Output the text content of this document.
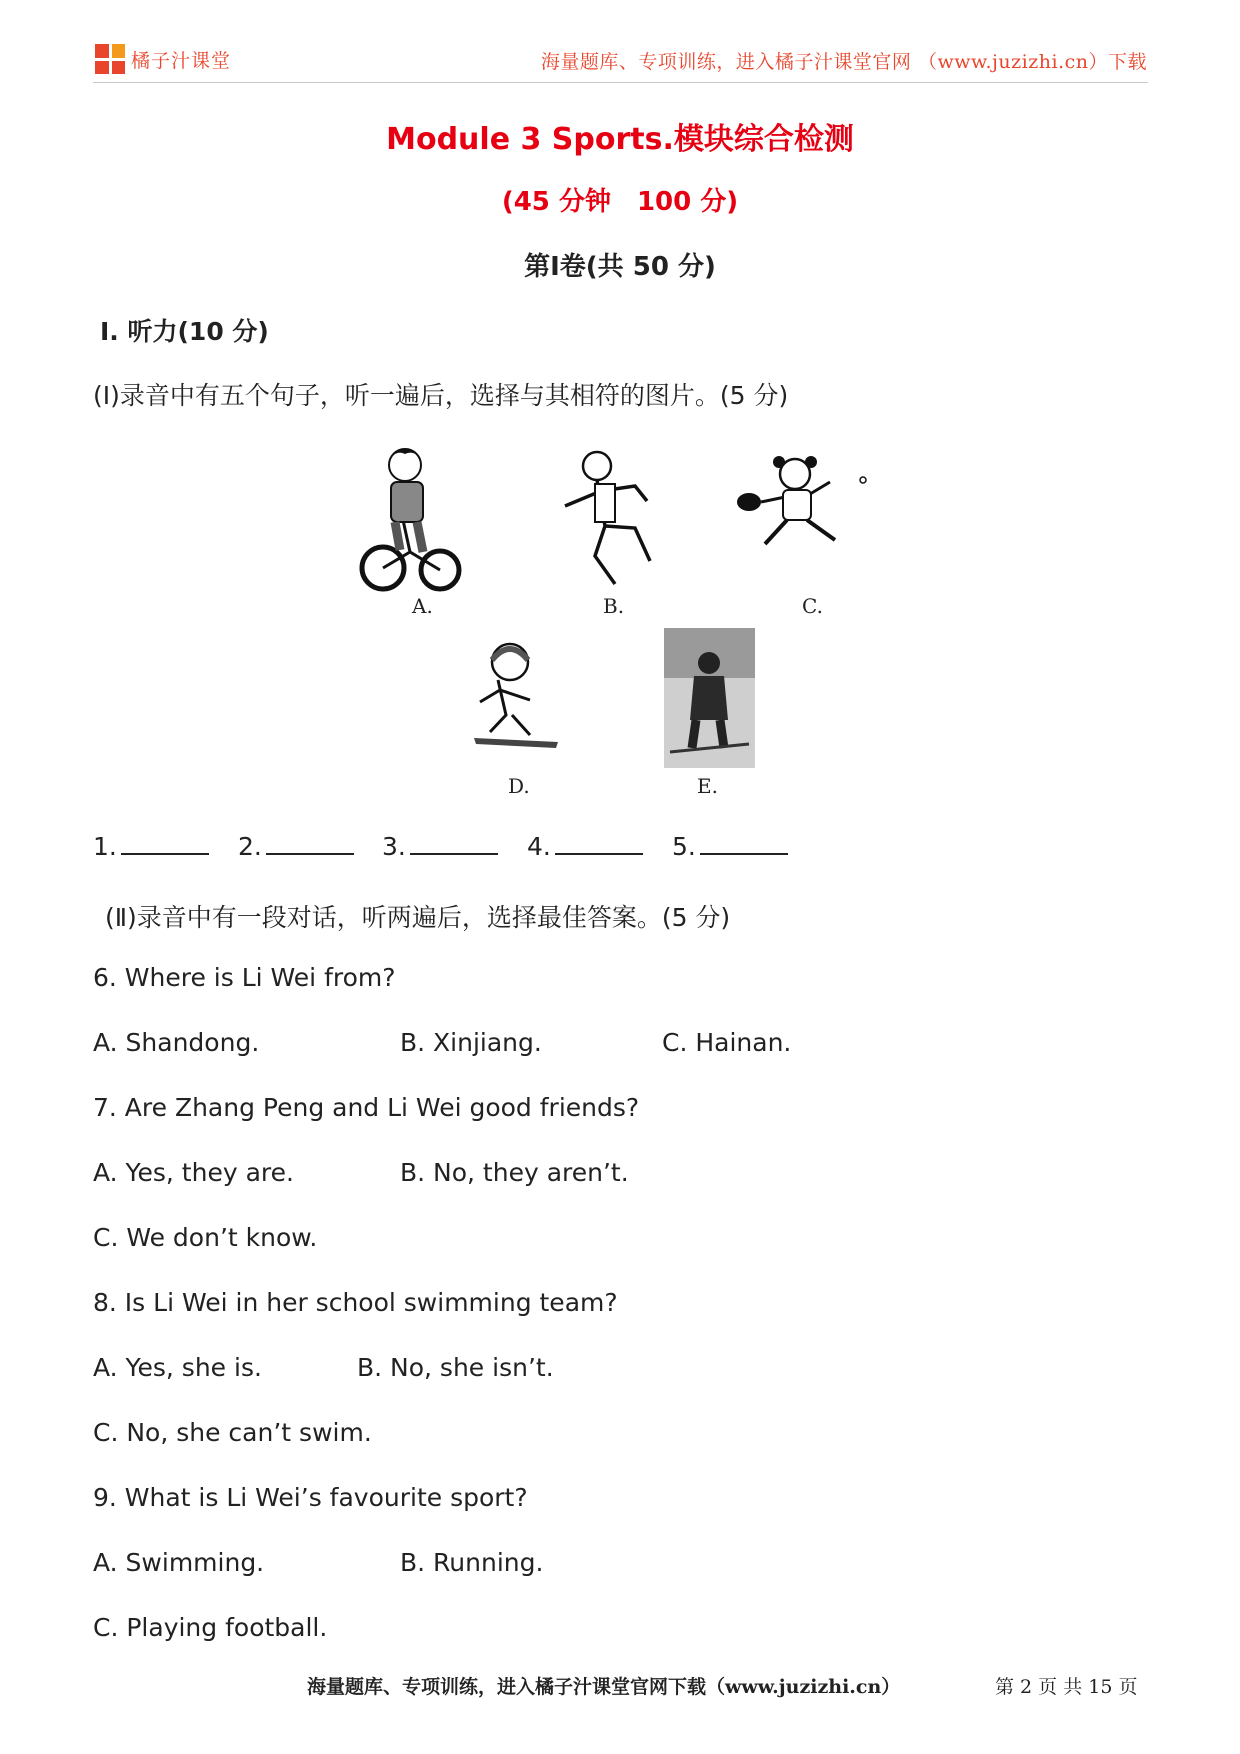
橘子汁课堂	海量题库、专项训练，进入橘子汁课堂官网 （www.juzizhi.cn）下载
Module 3 Sports.模块综合检测
(45 分钟　100 分)
第Ⅰ卷(共 50 分)
Ⅰ. 听力(10 分)
(Ⅰ)录音中有五个句子，听一遍后，选择与其相符的图片。(5 分)
A.	B.	C.
D.	E.
1.	2.	3.	4.	5.
(Ⅱ)录音中有一段对话，听两遍后，选择最佳答案。(5 分)
6. Where is Li Wei from?
A. Shandong.	B. Xinjiang.	C. Hainan.
7. Are Zhang Peng and Li Wei good friends?
A. Yes, they are.	B. No, they aren’t.
C. We don’t know.
8. Is Li Wei in her school swimming team?
A. Yes, she is.	B. No, she isn’t.
C. No, she can’t swim.
9. What is Li Wei’s favourite sport?
A. Swimming.	B. Running.
C. Playing football.
海量题库、专项训练，进入橘子汁课堂官网下载（www.juzizhi.cn）	第 2 页 共 15 页
